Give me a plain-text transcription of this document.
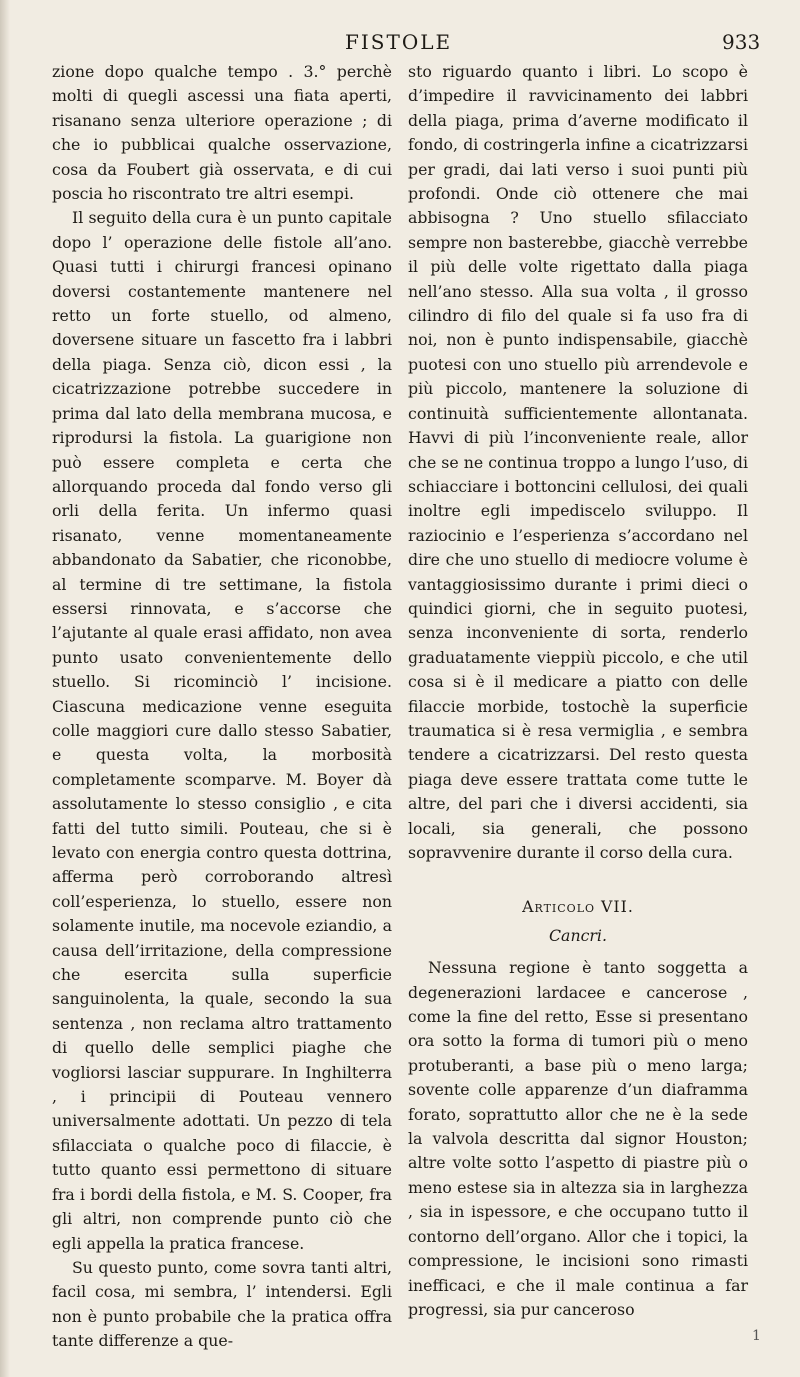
FISTOLE	933

zione dopo qualche tempo . 3.° perchè molti di quegli ascessi una fiata aperti, risanano senza ulteriore operazione ; di che io pubblicai qualche osservazione, cosa da Foubert già osservata, e di cui poscia ho riscontrato tre altri esempi.

Il seguito della cura è un punto capitale dopo l’ operazione delle fistole all’ano. Quasi tutti i chirurgi francesi opinano doversi costantemente mantenere nel retto un forte stuello, od almeno, doversene situare un fascetto fra i labbri della piaga. Senza ciò, dicon essi , la cicatrizzazione potrebbe succedere in prima dal lato della membrana mucosa, e riprodursi la fistola. La guarigione non può essere completa e certa che allorquando proceda dal fondo verso gli orli della ferita. Un infermo quasi risanato, venne momentaneamente abbandonato da Sabatier, che riconobbe, al termine di tre settimane, la fistola essersi rinnovata, e s’accorse che l’ajutante al quale erasi affidato, non avea punto usato convenientemente dello stuello. Si ricominciò l’ incisione. Ciascuna medicazione venne eseguita colle maggiori cure dallo stesso Sabatier, e questa volta, la morbosità completamente scomparve. M. Boyer dà assolutamente lo stesso consiglio , e cita fatti del tutto simili. Pouteau, che si è levato con energia contro questa dottrina, afferma però corroborando altresì coll’esperienza, lo stuello, essere non solamente inutile, ma nocevole eziandio, a causa dell’irritazione, della compressione che esercita sulla superficie sanguinolenta, la quale, secondo la sua sentenza , non reclama altro trattamento di quello delle semplici piaghe che vogliorsi lasciar suppurare. In Inghilterra , i principii di Pouteau vennero universalmente adottati. Un pezzo di tela sfilacciata o qualche poco di filaccie, è tutto quanto essi permettono di situare fra i bordi della fistola, e M. S. Cooper, fra gli altri, non comprende punto ciò che egli appella la pratica francese.

Su questo punto, come sovra tanti altri, facil cosa, mi sembra, l’ intendersi. Egli non è punto probabile che la pratica offra tante differenze a que-

sto riguardo quanto i libri. Lo scopo è d’impedire il ravvicinamento dei labbri della piaga, prima d’averne modificato il fondo, di costringerla infine a cicatrizzarsi per gradi, dai lati verso i suoi punti più profondi. Onde ciò ottenere che mai abbisogna ? Uno stuello sfilacciato sempre non basterebbe, giacchè verrebbe il più delle volte rigettato dalla piaga nell’ano stesso. Alla sua volta , il grosso cilindro di filo del quale si fa uso fra di noi, non è punto indispensabile, giacchè puotesi con uno stuello più arrendevole e più piccolo, mantenere la soluzione di continuità sufficientemente allontanata. Havvi di più l’inconveniente reale, allor che se ne continua troppo a lungo l’uso, di schiacciare i bottoncini cellulosi, dei quali inoltre egli impediscelo sviluppo. Il raziocinio e l’esperienza s’accordano nel dire che uno stuello di mediocre volume è vantaggiosissimo durante i primi dieci o quindici giorni, che in seguito puotesi, senza inconveniente di sorta, renderlo graduatamente vieppiù piccolo, e che util cosa si è il medicare a piatto con delle filaccie morbide, tostochè la superficie traumatica si è resa vermiglia , e sembra tendere a cicatrizzarsi. Del resto questa piaga deve essere trattata come tutte le altre, del pari che i diversi accidenti, sia locali, sia generali, che possono sopravvenire durante il corso della cura.

Articolo VII.

Cancri.

Nessuna regione è tanto soggetta a degenerazioni lardacee e cancerose , come la fine del retto, Esse si presentano ora sotto la forma di tumori più o meno protuberanti, a base più o meno larga; sovente colle apparenze d’un diaframma forato, soprattutto allor che ne è la sede la valvola descritta dal signor Houston; altre volte sotto l’aspetto di piastre più o meno estese sia in altezza sia in larghezza , sia in ispessore, e che occupano tutto il contorno dell’organo. Allor che i topici, la compressione, le incisioni sono rimasti inefficaci, e che il male continua a far progressi, sia pur canceroso

1
